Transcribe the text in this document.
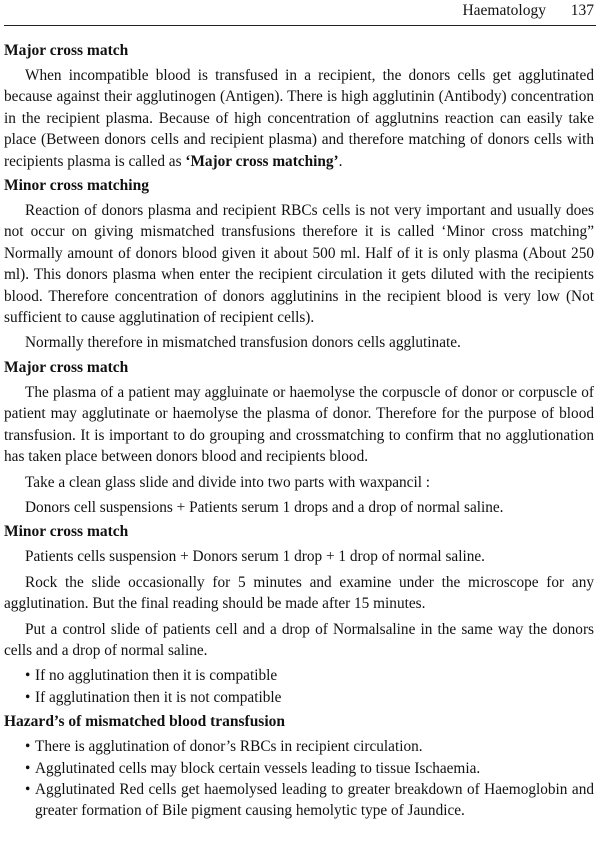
Haematology 137
Major cross match

When incompatible blood is transfused in a recipient, the donors cells get agglutinated because against their agglutinogen (Antigen). There is high agglutinin (Antibody) concentration in the recipient plasma. Because of high concentration of agglutnins reaction can easily take place (Between donors cells and recipient plasma) and therefore matching of donors cells with recipients plasma is called as ‘Major cross matching’.

Minor cross matching

Reaction of donors plasma and recipient RBCs cells is not very important and usually does not occur on giving mismatched transfusions therefore it is called ‘Minor cross matching” Normally amount of donors blood given it about 500 ml. Half of it is only plasma (About 250 ml). This donors plasma when enter the recipient circulation it gets diluted with the recipients blood. Therefore concentration of donors agglutinins in the recipient blood is very low (Not sufficient to cause agglutination of recipient cells).

Normally therefore in mismatched transfusion donors cells agglutinate.

Major cross match

The plasma of a patient may aggluinate or haemolyse the corpuscle of donor or corpuscle of patient may agglutinate or haemolyse the plasma of donor. Therefore for the purpose of blood transfusion. It is important to do grouping and crossmatching to confirm that no agglutionation has taken place between donors blood and recipients blood.

Take a clean glass slide and divide into two parts with waxpancil :

Donors cell suspensions + Patients serum 1 drops and a drop of normal saline.

Minor cross match

Patients cells suspension + Donors serum 1 drop + 1 drop of normal saline.

Rock the slide occasionally for 5 minutes and examine under the microscope for any agglutination. But the final reading should be made after 15 minutes.

Put a control slide of patients cell and a drop of Normalsaline in the same way the donors cells and a drop of normal saline.

• If no agglutination then it is compatible
• If agglutination then it is not compatible
Hazard’s of mismatched blood transfusion
• There is agglutination of donor’s RBCs in recipient circulation.
• Agglutinated cells may block certain vessels leading to tissue Ischaemia.
• Agglutinated Red cells get haemolysed leading to greater breakdown of Haemoglobin and greater formation of Bile pigment causing hemolytic type of Jaundice.
